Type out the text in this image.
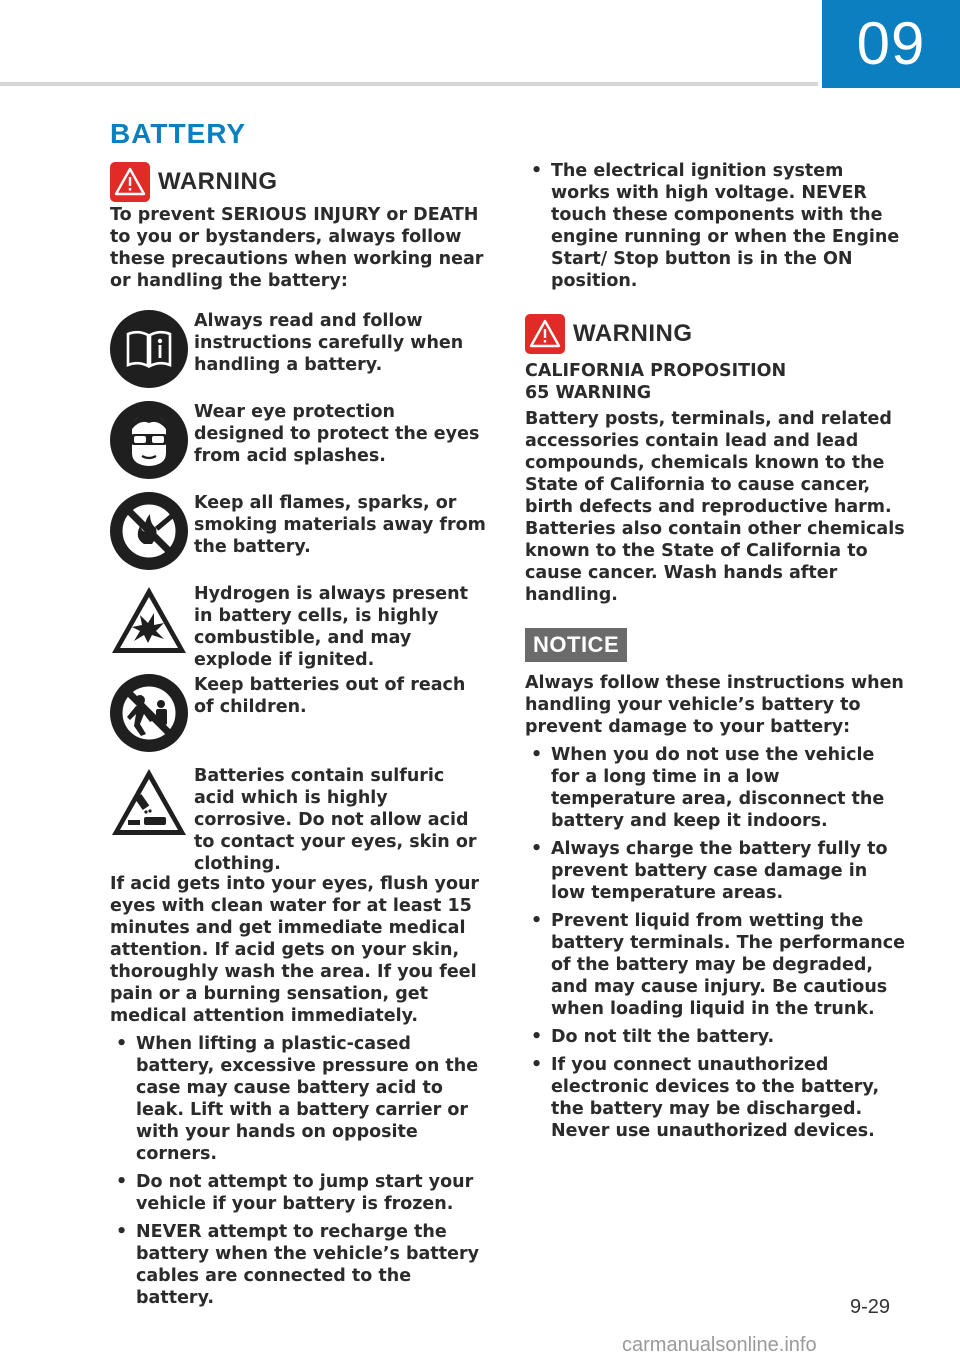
09
BATTERY
WARNING

To prevent SERIOUS INJURY or DEATH to you or bystanders, always follow these precautions when working near or handling the battery:

Always read and follow instructions carefully when handling a battery.

Wear eye protection designed to protect the eyes from acid splashes.

Keep all flames, sparks, or smoking materials away from the battery.

Hydrogen is always present in battery cells, is highly combustible, and may explode if ignited.

Keep batteries out of reach of children.

Batteries contain sulfuric acid which is highly corrosive. Do not allow acid to contact your eyes, skin or clothing.

If acid gets into your eyes, flush your eyes with clean water for at least 15 minutes and get immediate medical attention. If acid gets on your skin, thoroughly wash the area. If you feel pain or a burning sensation, get medical attention immediately.

• When lifting a plastic-cased battery, excessive pressure on the case may cause battery acid to leak. Lift with a battery carrier or with your hands on opposite corners.
• Do not attempt to jump start your vehicle if your battery is frozen.
• NEVER attempt to recharge the battery when the vehicle’s battery cables are connected to the battery.
• The electrical ignition system works with high voltage. NEVER touch these components with the engine running or when the Engine Start/ Stop button is in the ON position.
WARNING

CALIFORNIA PROPOSITION 65 WARNING

Battery posts, terminals, and related accessories contain lead and lead compounds, chemicals known to the State of California to cause cancer, birth defects and reproductive harm. Batteries also contain other chemicals known to the State of California to cause cancer. Wash hands after handling.

NOTICE

Always follow these instructions when handling your vehicle’s battery to prevent damage to your battery:

• When you do not use the vehicle for a long time in a low temperature area, disconnect the battery and keep it indoors.
• Always charge the battery fully to prevent battery case damage in low temperature areas.
• Prevent liquid from wetting the battery terminals. The performance of the battery may be degraded, and may cause injury. Be cautious when loading liquid in the trunk.
• Do not tilt the battery.
• If you connect unauthorized electronic devices to the battery, the battery may be discharged. Never use unauthorized devices.
9-29
carmanualsonline.info
